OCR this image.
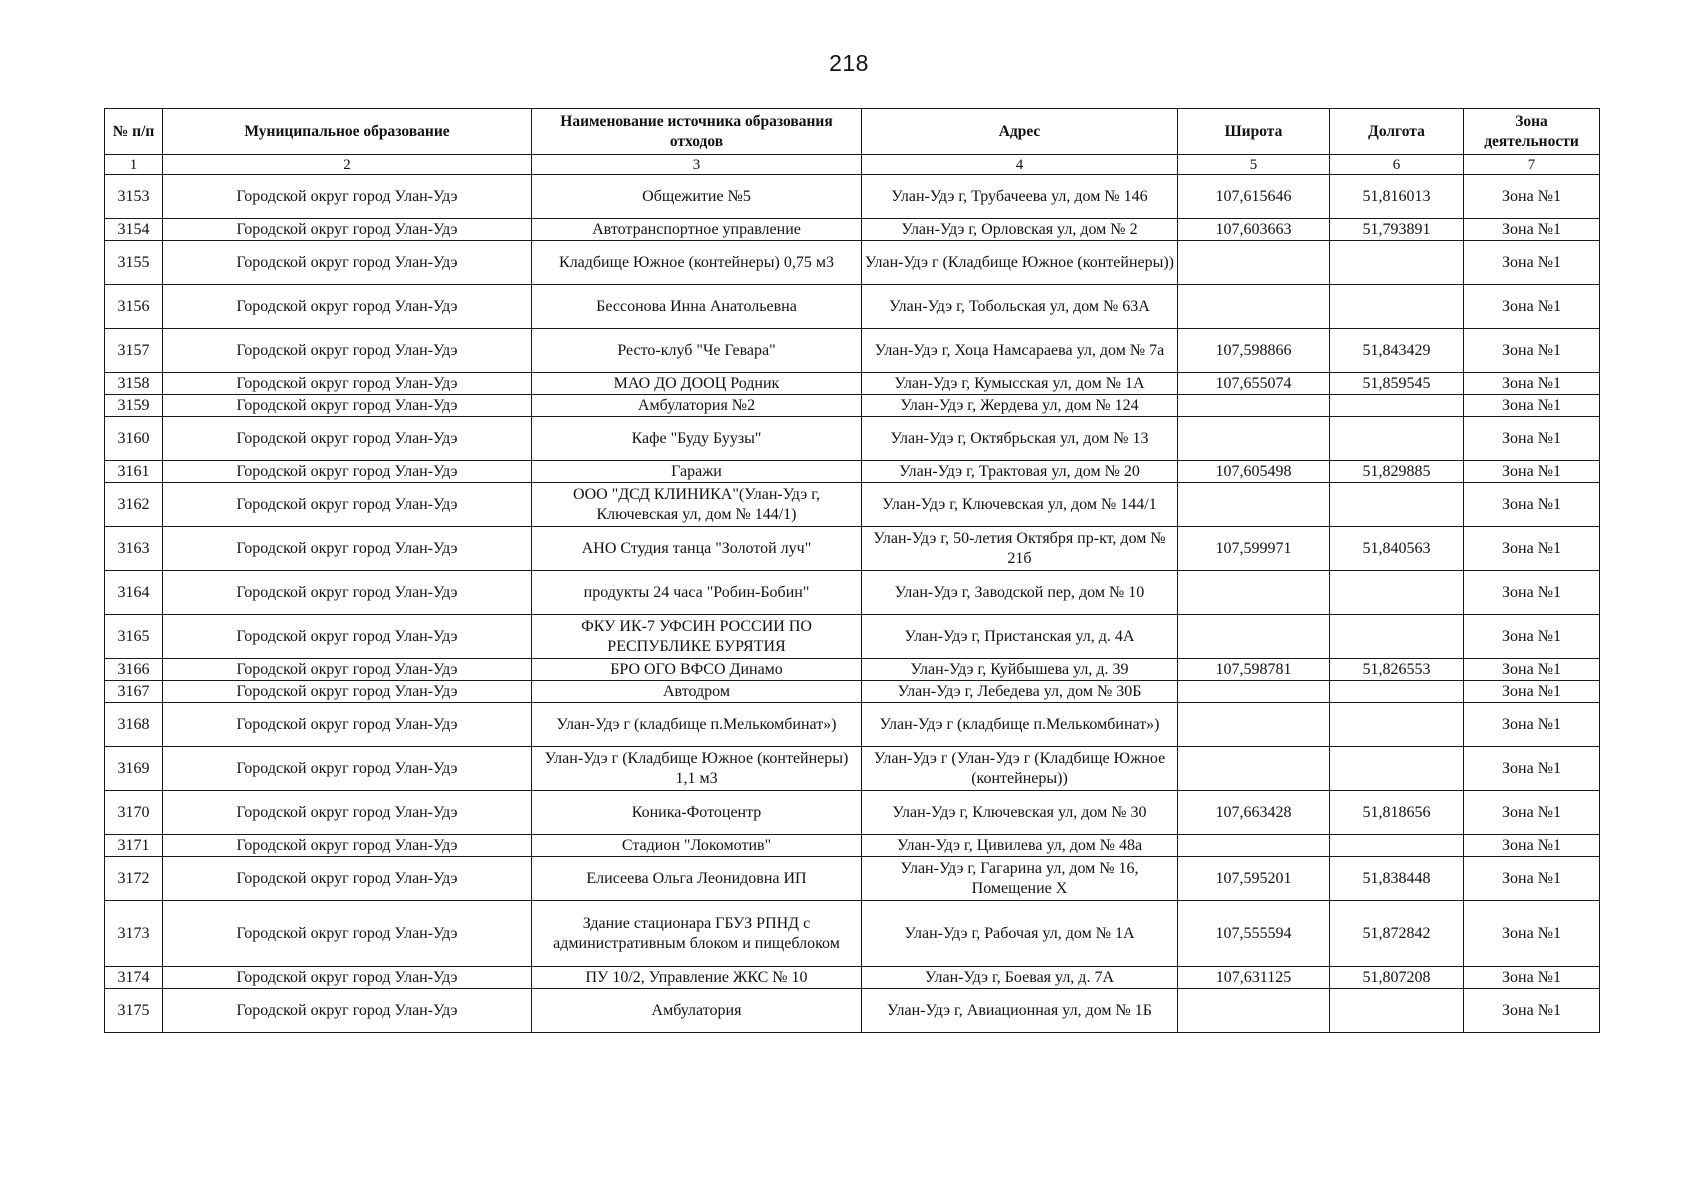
218
№ п/п	Муниципальное образование	Наименование источника образования отходов	Адрес	Широта	Долгота	Зона деятельности
1	2	3	4	5	6	7
3153	Городской округ город Улан-Удэ	Общежитие №5	Улан-Удэ г, Трубачеева ул, дом № 146	107,615646	51,816013	Зона №1
3154	Городской округ город Улан-Удэ	Автотранспортное управление	Улан-Удэ г, Орловская ул, дом № 2	107,603663	51,793891	Зона №1
3155	Городской округ город Улан-Удэ	Кладбище Южное (контейнеры) 0,75 м3	Улан-Удэ г (Кладбище Южное (контейнеры))			Зона №1
3156	Городской округ город Улан-Удэ	Бессонова Инна Анатольевна	Улан-Удэ г, Тобольская ул, дом № 63А			Зона №1
3157	Городской округ город Улан-Удэ	Ресто-клуб "Че Гевара"	Улан-Удэ г, Хоца Намсараева ул, дом № 7а	107,598866	51,843429	Зона №1
3158	Городской округ город Улан-Удэ	МАО ДО ДООЦ Родник	Улан-Удэ г, Кумысская ул, дом № 1А	107,655074	51,859545	Зона №1
3159	Городской округ город Улан-Удэ	Амбулатория №2	Улан-Удэ г, Жердева ул, дом № 124			Зона №1
3160	Городской округ город Улан-Удэ	Кафе "Буду Буузы"	Улан-Удэ г, Октябрьская ул, дом № 13			Зона №1
3161	Городской округ город Улан-Удэ	Гаражи	Улан-Удэ г, Трактовая ул, дом № 20	107,605498	51,829885	Зона №1
3162	Городской округ город Улан-Удэ	ООО "ДСД КЛИНИКА"(Улан-Удэ г, Ключевская ул, дом № 144/1)	Улан-Удэ г, Ключевская ул, дом № 144/1			Зона №1
3163	Городской округ город Улан-Удэ	АНО Студия танца "Золотой луч"	Улан-Удэ г, 50-летия Октября пр-кт, дом № 21б	107,599971	51,840563	Зона №1
3164	Городской округ город Улан-Удэ	продукты 24 часа "Робин-Бобин"	Улан-Удэ г, Заводской пер, дом № 10			Зона №1
3165	Городской округ город Улан-Удэ	ФКУ ИК-7 УФСИН РОССИИ ПО РЕСПУБЛИКЕ БУРЯТИЯ	Улан-Удэ г, Пристанская ул, д. 4А			Зона №1
3166	Городской округ город Улан-Удэ	БРО ОГО ВФСО Динамо	Улан-Удэ г, Куйбышева ул, д. 39	107,598781	51,826553	Зона №1
3167	Городской округ город Улан-Удэ	Автодром	Улан-Удэ г, Лебедева ул, дом № 30Б			Зона №1
3168	Городской округ город Улан-Удэ	Улан-Удэ г (кладбище п.Мелькомбинат»)	Улан-Удэ г (кладбище п.Мелькомбинат»)			Зона №1
3169	Городской округ город Улан-Удэ	Улан-Удэ г (Кладбище Южное (контейнеры) 1,1 м3	Улан-Удэ г (Улан-Удэ г (Кладбище Южное (контейнеры))			Зона №1
3170	Городской округ город Улан-Удэ	Коника-Фотоцентр	Улан-Удэ г, Ключевская ул, дом № 30	107,663428	51,818656	Зона №1
3171	Городской округ город Улан-Удэ	Стадион "Локомотив"	Улан-Удэ г, Цивилева ул, дом № 48а			Зона №1
3172	Городской округ город Улан-Удэ	Елисеева Ольга Леонидовна ИП	Улан-Удэ г, Гагарина ул, дом № 16, Помещение Х	107,595201	51,838448	Зона №1
3173	Городской округ город Улан-Удэ	Здание стационара ГБУЗ РПНД с административным блоком и пищеблоком	Улан-Удэ г, Рабочая ул, дом № 1А	107,555594	51,872842	Зона №1
3174	Городской округ город Улан-Удэ	ПУ 10/2, Управление ЖКС № 10	Улан-Удэ г, Боевая ул, д. 7А	107,631125	51,807208	Зона №1
3175	Городской округ город Улан-Удэ	Амбулатория	Улан-Удэ г, Авиационная ул, дом № 1Б			Зона №1
